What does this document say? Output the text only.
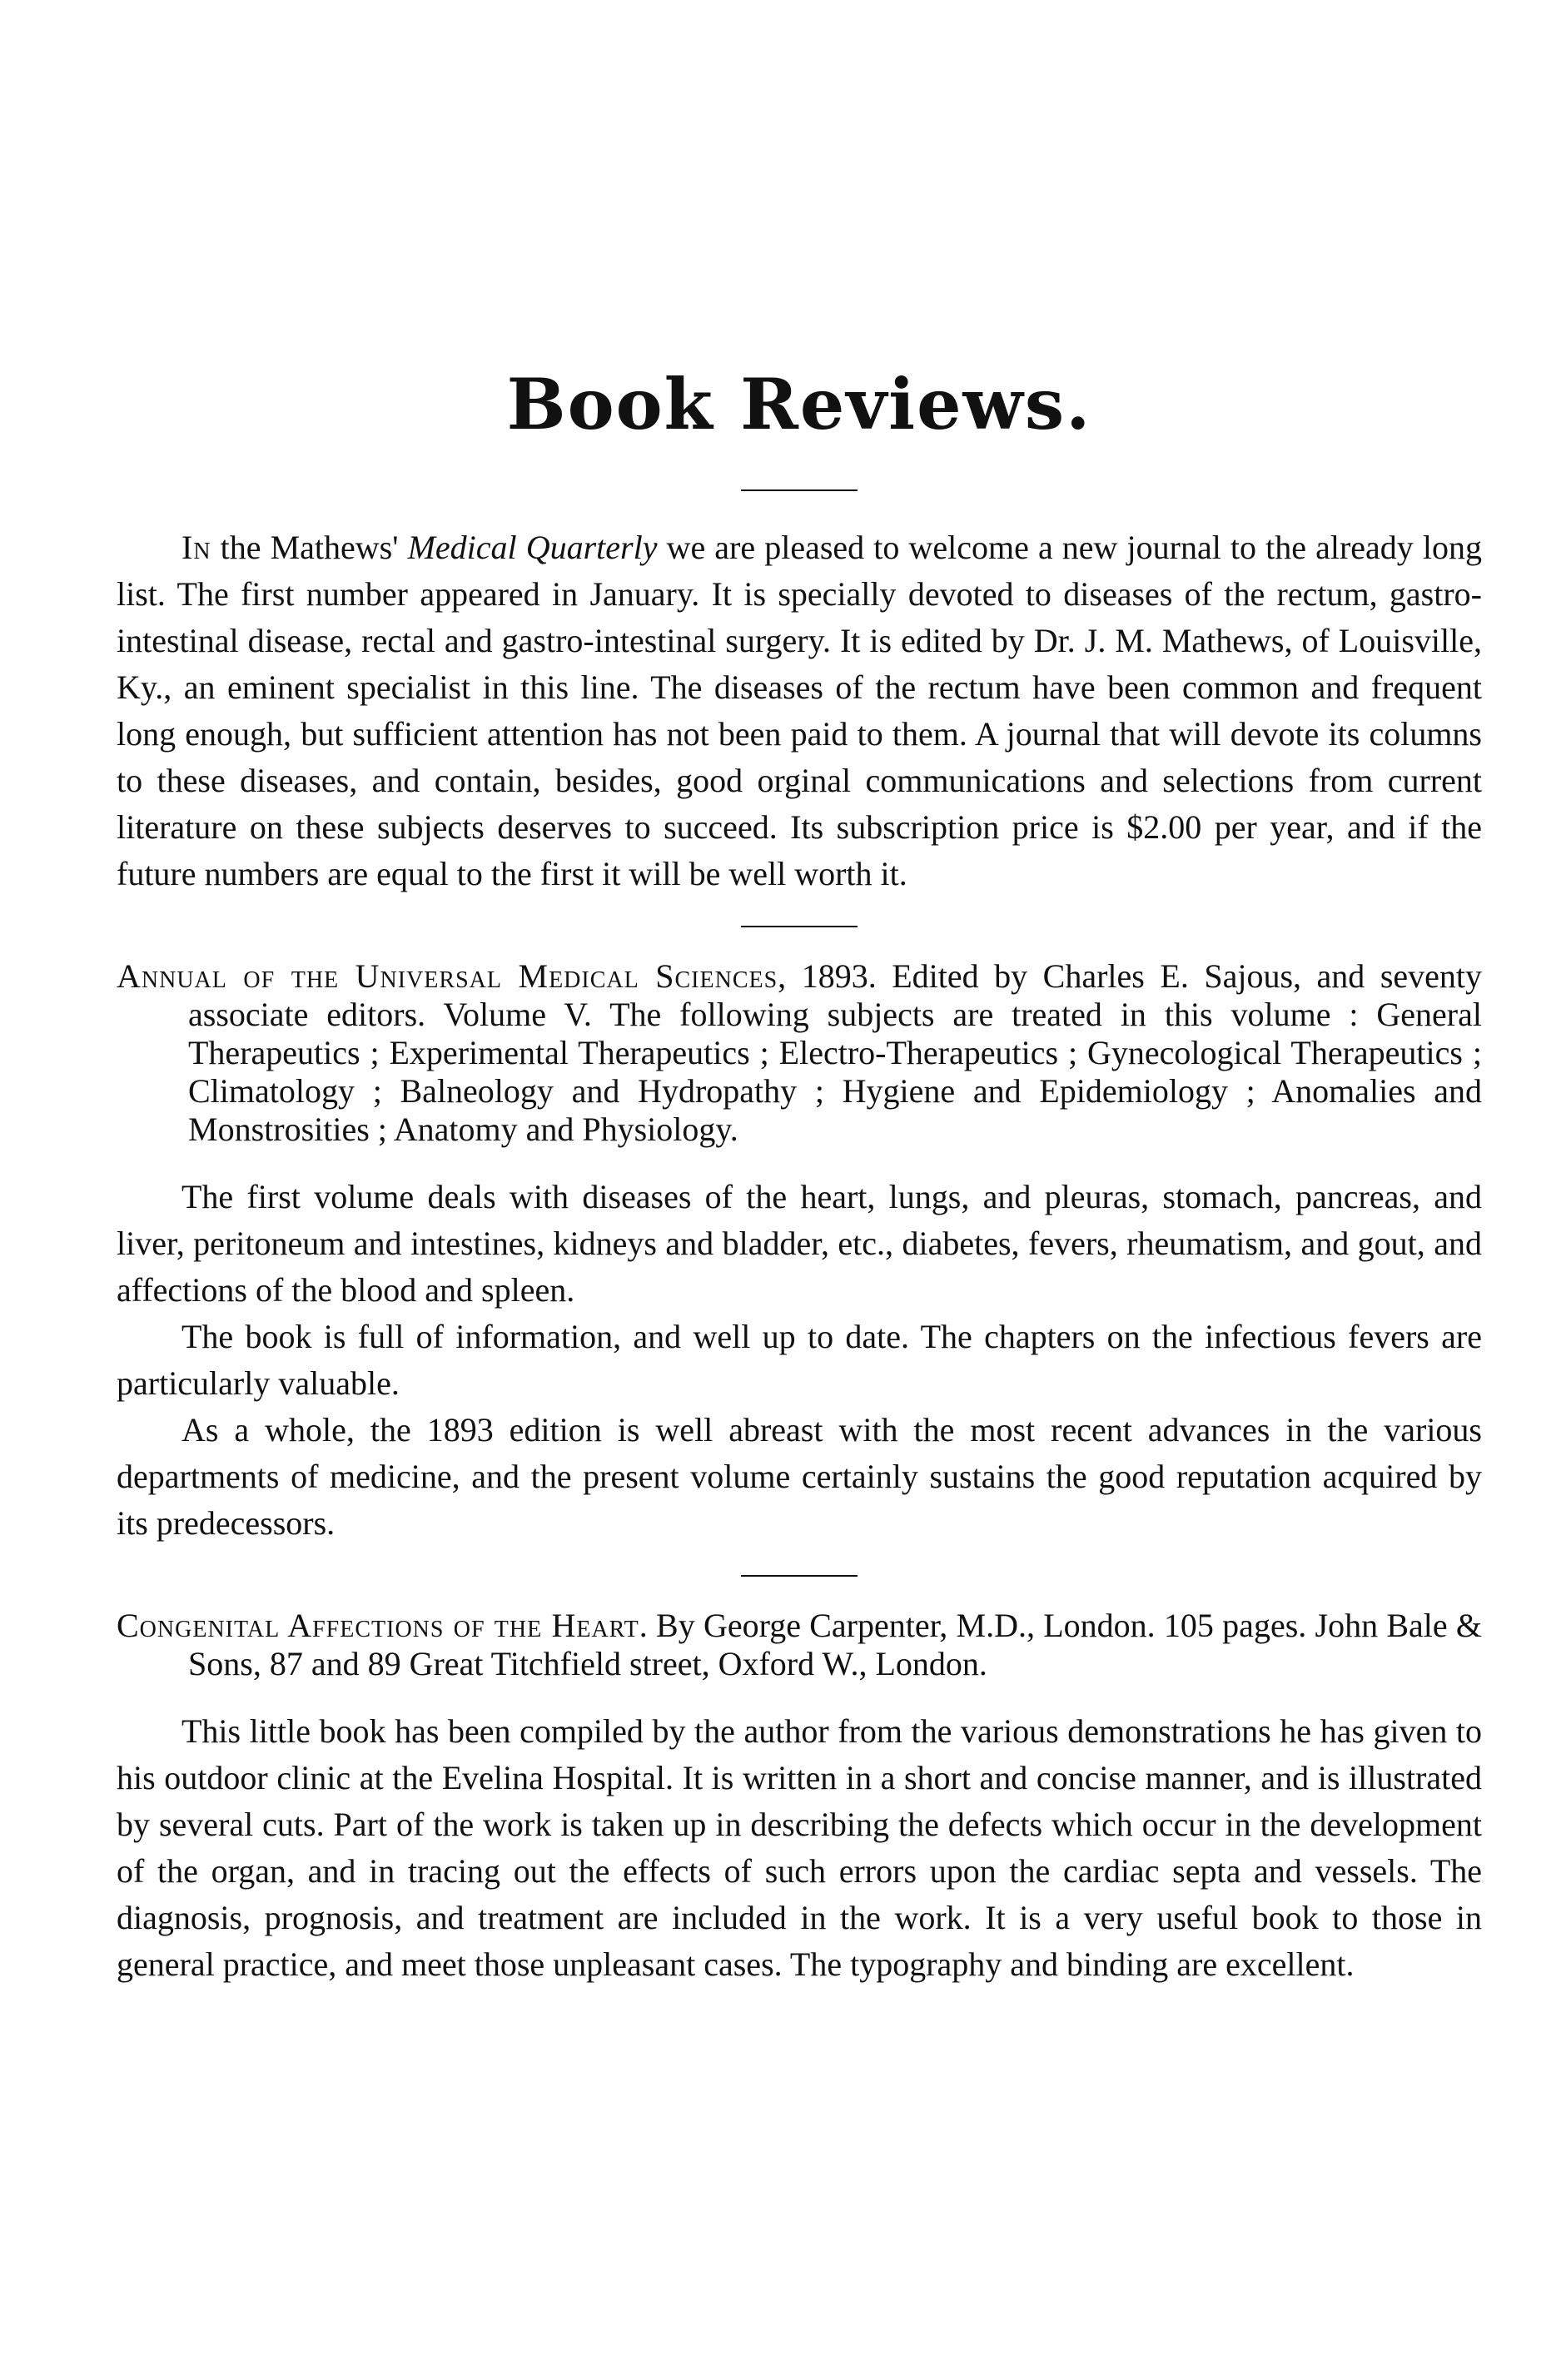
Book Reviews.

In the Mathews' Medical Quarterly we are pleased to welcome a new journal to the already long list. The first number appeared in January. It is specially devoted to diseases of the rectum, gastro-intestinal disease, rectal and gastro-intestinal surgery. It is edited by Dr. J. M. Mathews, of Louisville, Ky., an eminent specialist in this line. The diseases of the rectum have been common and frequent long enough, but sufficient attention has not been paid to them. A journal that will devote its columns to these diseases, and contain, besides, good orginal communications and selections from current literature on these subjects deserves to succeed. Its subscription price is $2.00 per year, and if the future numbers are equal to the first it will be well worth it.

Annual of the Universal Medical Sciences, 1893. Edited by Charles E. Sajous, and seventy associate editors. Volume V. The following subjects are treated in this volume : General Therapeutics ; Experimental Therapeutics ; Electro-Therapeutics ; Gynecological Therapeutics ; Climatology ; Balneology and Hydropathy ; Hygiene and Epidemiology ; Anomalies and Monstrosities ; Anatomy and Physiology.

The first volume deals with diseases of the heart, lungs, and pleuras, stomach, pancreas, and liver, peritoneum and intestines, kidneys and bladder, etc., diabetes, fevers, rheumatism, and gout, and affections of the blood and spleen.

The book is full of information, and well up to date. The chapters on the infectious fevers are particularly valuable.

As a whole, the 1893 edition is well abreast with the most recent advances in the various departments of medicine, and the present volume certainly sustains the good reputation acquired by its predecessors.

Congenital Affections of the Heart. By George Carpenter, M.D., London. 105 pages. John Bale & Sons, 87 and 89 Great Titchfield street, Oxford W., London.

This little book has been compiled by the author from the various demonstrations he has given to his outdoor clinic at the Evelina Hospital. It is written in a short and concise manner, and is illustrated by several cuts. Part of the work is taken up in describing the defects which occur in the development of the organ, and in tracing out the effects of such errors upon the cardiac septa and vessels. The diagnosis, prognosis, and treatment are included in the work. It is a very useful book to those in general practice, and meet those unpleasant cases. The typography and binding are excellent.
